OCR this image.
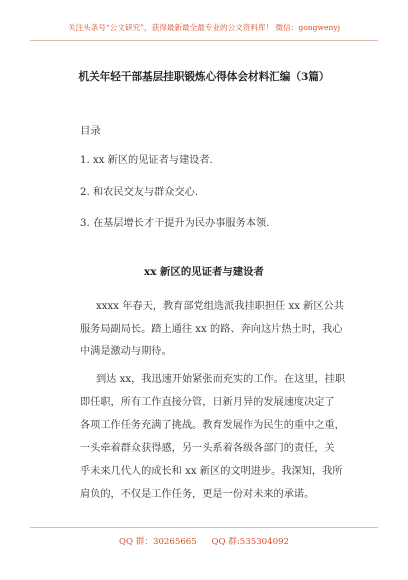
关注头条号“公文研究”，获得最新最全最专业的公文资料库！ 微信：gongwenyj
机关年轻干部基层挂职锻炼心得体会材料汇编（3篇）
目录
1. xx 新区的见证者与建设者.
2. 和农民交友与群众交心.
3. 在基层增长才干提升为民办事服务本领.
xx 新区的见证者与建设者
xxxx 年春天，教育部党组选派我挂职担任 xx 新区公共
服务局副局长。踏上通往 xx 的路、奔向这片热土时，我心
中满是激动与期待。
到达 xx，我迅速开始紧张而充实的工作。在这里，挂职
即任职，所有工作直接分管，日新月异的发展速度决定了
各项工作任务充满了挑战。教育发展作为民生的重中之重，
一头牵着群众获得感，另一头系着各级各部门的责任，关
乎未来几代人的成长和 xx 新区的文明进步。我深知，我所
肩负的，不仅是工作任务，更是一份对未来的承诺。
QQ 群：30265665 QQ 群:535304092
